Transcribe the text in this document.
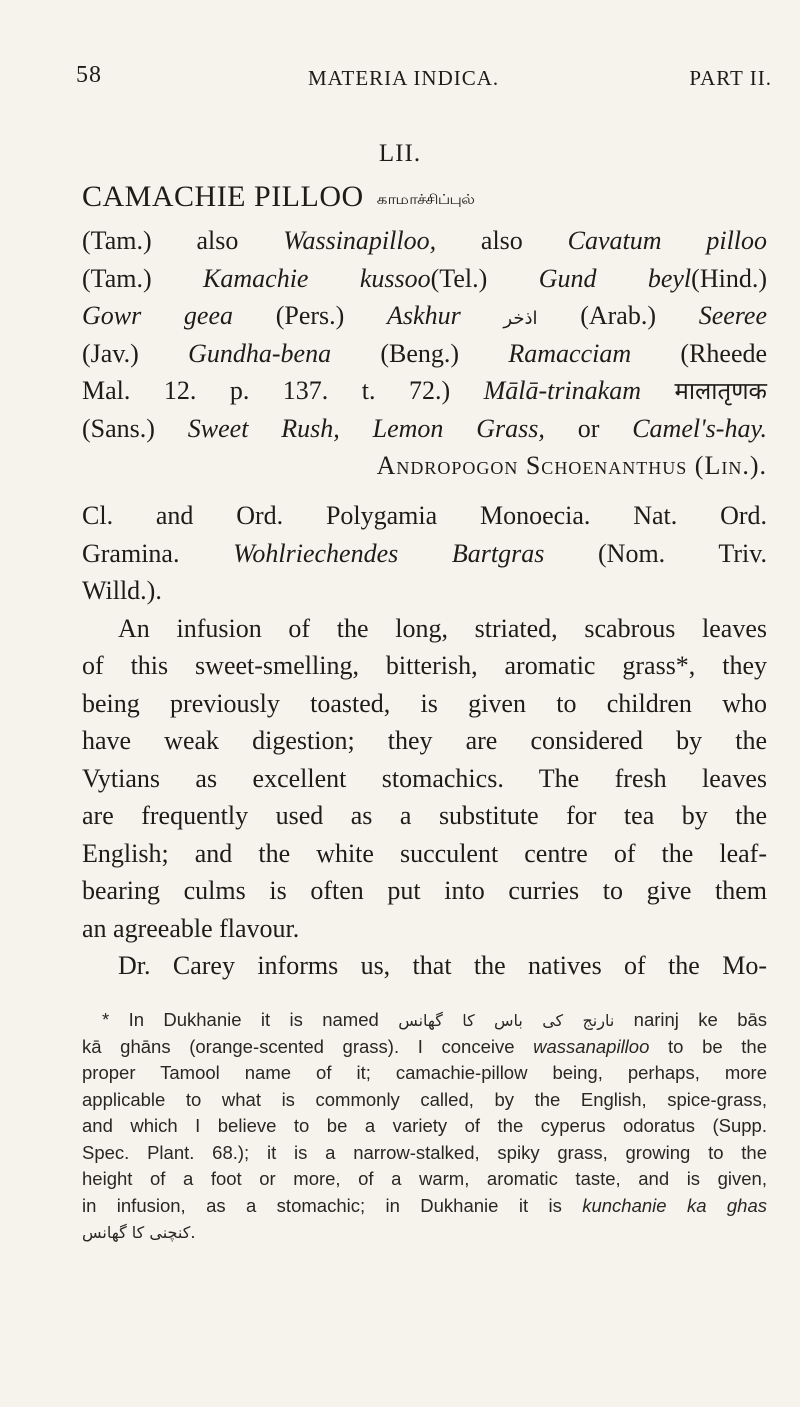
58	MATERIA INDICA.	PART II.
LII.
CAMACHIE PILLOO காமாச்சிப்புல்
(Tam.) also Wassinapilloo, also Cavatum pilloo
(Tam.) Kamachie kussoo(Tel.) Gund beyl(Hind.)
Gowr geea (Pers.) Askhur اذخر (Arab.) Seeree
(Jav.) Gundha-bena (Beng.) Ramacciam (Rheede
Mal. 12. p. 137. t. 72.) Mālā-trinakam मालातृणक
(Sans.) Sweet Rush, Lemon Grass, or Camel's-hay.
Andropogon Schoenanthus (Lin.).
Cl. and Ord. Polygamia Monoecia. Nat. Ord.
Gramina. Wohlriechendes Bartgras (Nom. Triv.
Willd.).
An infusion of the long, striated, scabrous leaves
of this sweet-smelling, bitterish, aromatic grass*, they
being previously toasted, is given to children who
have weak digestion; they are considered by the
Vytians as excellent stomachics. The fresh leaves
are frequently used as a substitute for tea by the
English; and the white succulent centre of the leaf-
bearing culms is often put into curries to give them
an agreeable flavour.
Dr. Carey informs us, that the natives of the Mo-
* In Dukhanie it is named نارنج کی باس کا گهانس narinj ke bās
kā ghāns (orange-scented grass). I conceive wassanapilloo to be the
proper Tamool name of it; camachie-pillow being, perhaps, more
applicable to what is commonly called, by the English, spice-grass,
and which I believe to be a variety of the cyperus odoratus (Supp.
Spec. Plant. 68.); it is a narrow-stalked, spiky grass, growing to the
height of a foot or more, of a warm, aromatic taste, and is given,
in infusion, as a stomachic; in Dukhanie it is kunchanie ka ghas
کنچنی کا گهانس.
